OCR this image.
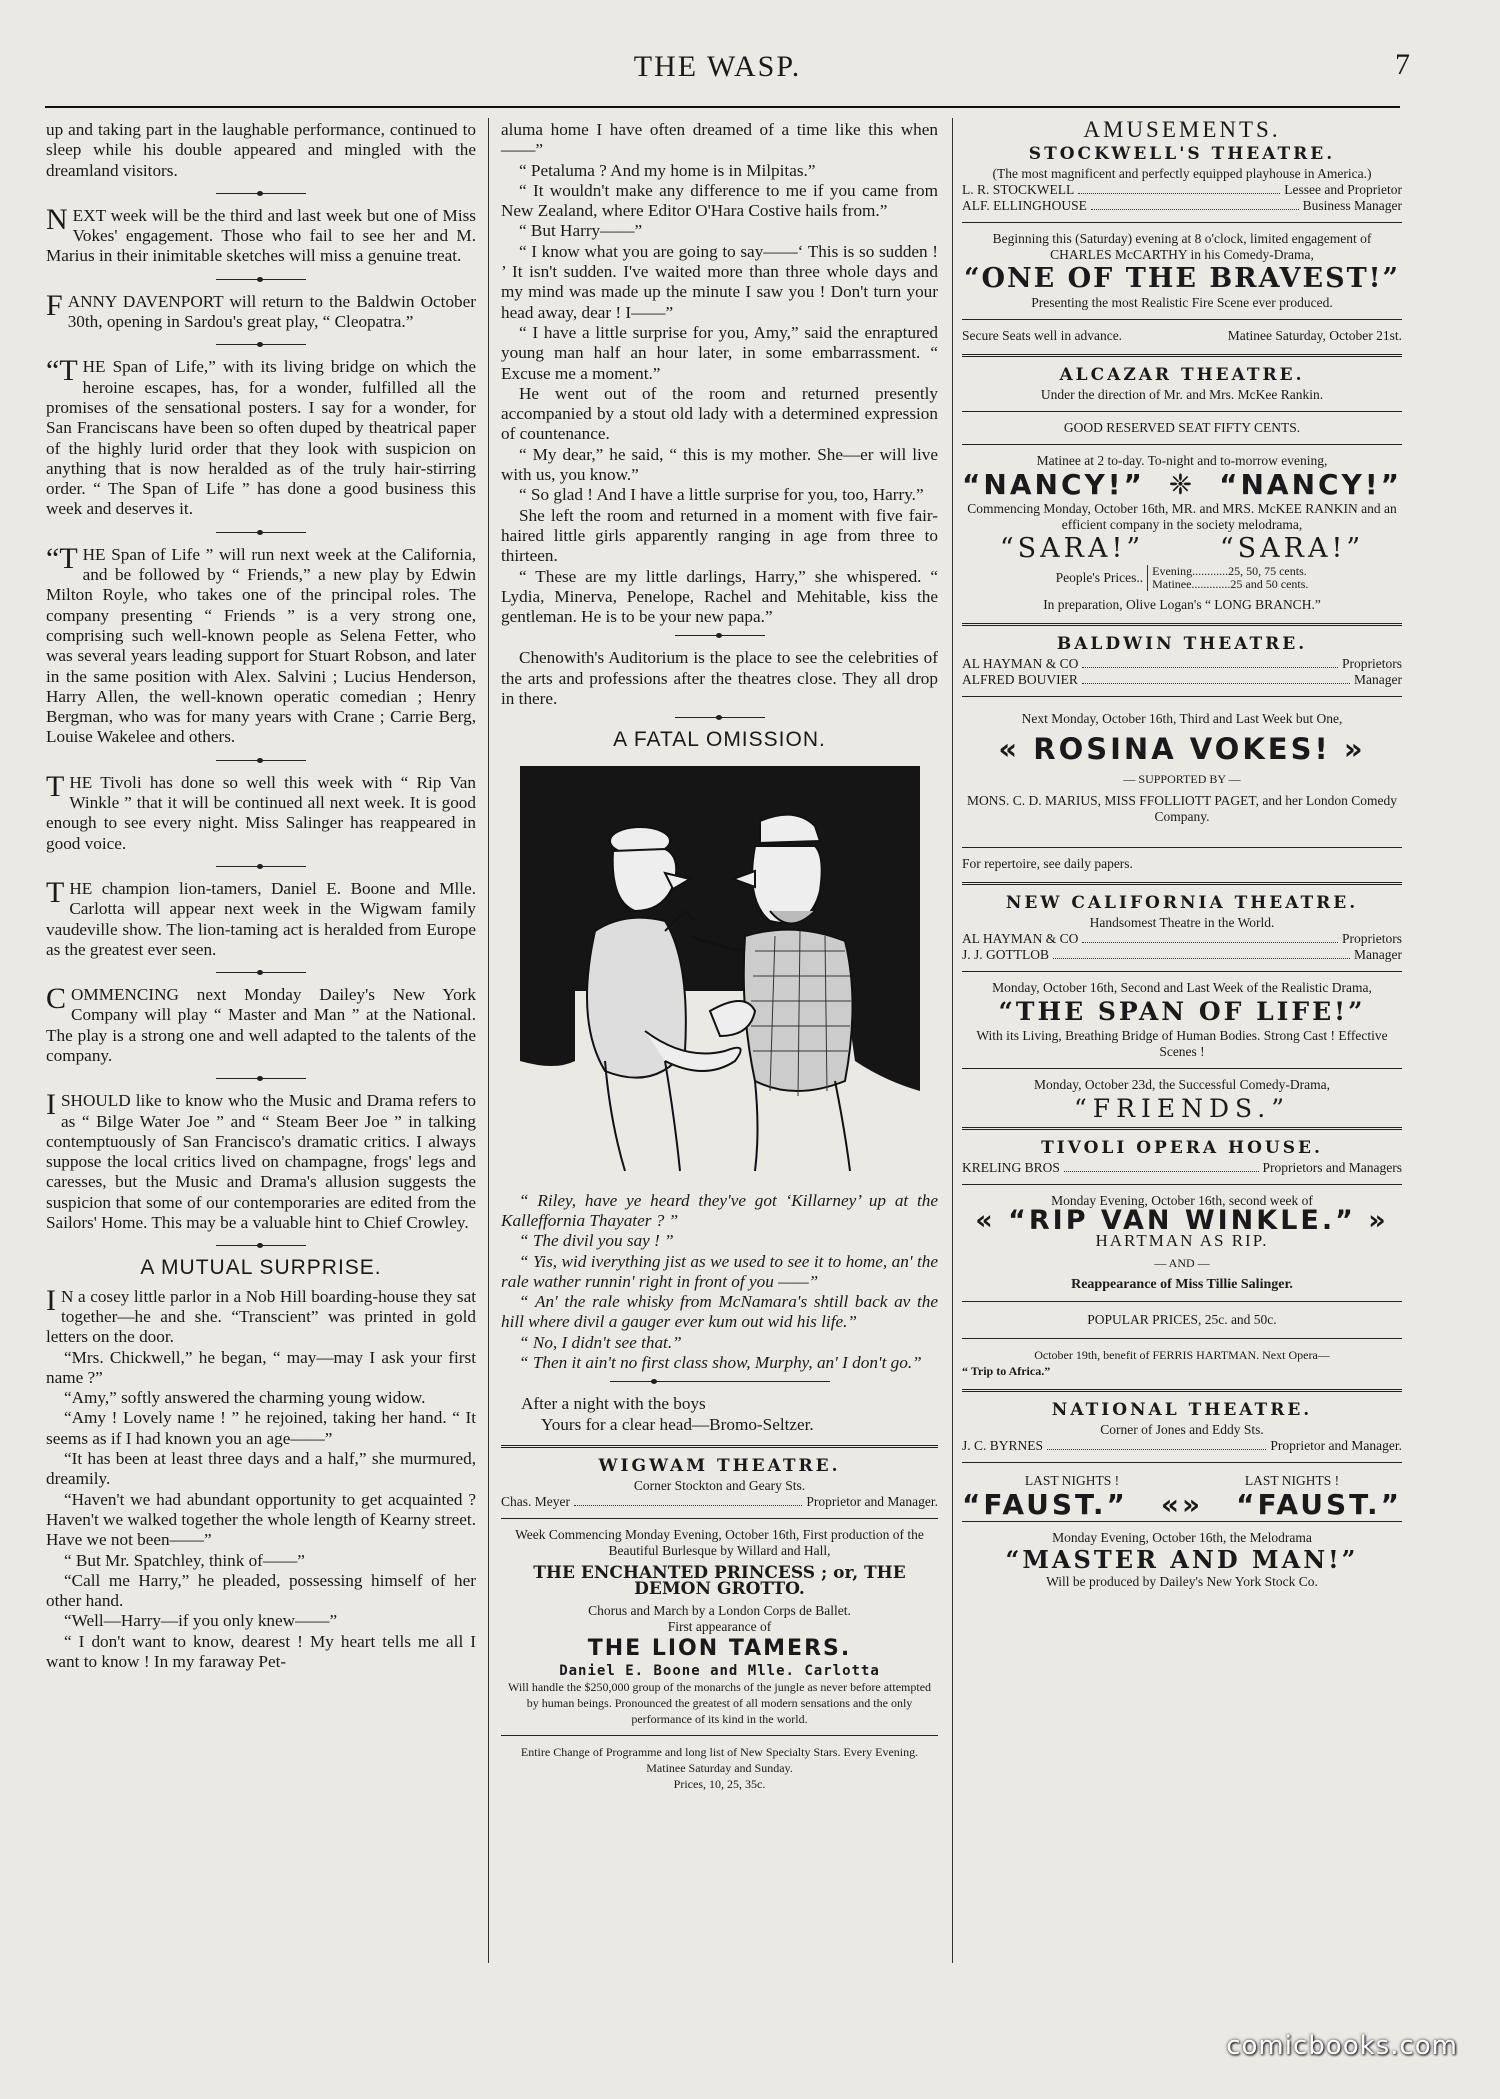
THE WASP.	7

up and taking part in the laughable performance, continued to sleep while his double appeared and mingled with the dreamland visitors.

N EXT week will be the third and last week but one of Miss Vokes' engagement. Those who fail to see her and M. Marius in their inimitable sketches will miss a genuine treat.
F ANNY DAVENPORT will return to the Baldwin October 30th, opening in Sardou's great play, “ Cleopatra.”
“T HE Span of Life,” with its living bridge on which the heroine escapes, has, for a wonder, fulfilled all the promises of the sensational posters. I say for a wonder, for San Franciscans have been so often duped by theatrical paper of the highly lurid order that they look with suspicion on anything that is now heralded as of the truly hair-stirring order. “ The Span of Life ” has done a good business this week and deserves it.
“T HE Span of Life ” will run next week at the California, and be followed by “ Friends,” a new play by Edwin Milton Royle, who takes one of the principal roles. The company presenting “ Friends ” is a very strong one, comprising such well-known people as Selena Fetter, who was several years leading support for Stuart Robson, and later in the same position with Alex. Salvini ; Lucius Henderson, Harry Allen, the well-known operatic comedian ; Henry Bergman, who was for many years with Crane ; Carrie Berg, Louise Wakelee and others.
T HE Tivoli has done so well this week with “ Rip Van Winkle ” that it will be continued all next week. It is good enough to see every night. Miss Salinger has reappeared in good voice.
T HE champion lion-tamers, Daniel E. Boone and Mlle. Carlotta will appear next week in the Wigwam family vaudeville show. The lion-taming act is heralded from Europe as the greatest ever seen.
C OMMENCING next Monday Dailey's New York Company will play “ Master and Man ” at the National. The play is a strong one and well adapted to the talents of the company.
I SHOULD like to know who the Music and Drama refers to as “ Bilge Water Joe ” and “ Steam Beer Joe ” in talking contemptuously of San Francisco's dramatic critics. I always suppose the local critics lived on champagne, frogs' legs and caresses, but the Music and Drama's allusion suggests the suspicion that some of our contemporaries are edited from the Sailors' Home. This may be a valuable hint to Chief Crowley.
A MUTUAL SURPRISE.
I N a cosey little parlor in a Nob Hill boarding-house they sat together—he and she. “Transcient” was printed in gold letters on the door.

“Mrs. Chickwell,” he began, “ may—may I ask your first name ?”

“Amy,” softly answered the charming young widow.

“Amy ! Lovely name ! ” he rejoined, taking her hand. “ It seems as if I had known you an age——”

“It has been at least three days and a half,” she murmured, dreamily.

“Haven't we had abundant opportunity to get acquainted ? Haven't we walked together the whole length of Kearny street. Have we not been——”

“ But Mr. Spatchley, think of——”

“Call me Harry,” he pleaded, possessing himself of her other hand.

“Well—Harry—if you only knew——”

“ I don't want to know, dearest ! My heart tells me all I want to know ! In my faraway Pet-

aluma home I have often dreamed of a time like this when——”

“ Petaluma ? And my home is in Milpitas.”

“ It wouldn't make any difference to me if you came from New Zealand, where Editor O'Hara Costive hails from.”

“ But Harry——”

“ I know what you are going to say——‘ This is so sudden ! ’ It isn't sudden. I've waited more than three whole days and my mind was made up the minute I saw you ! Don't turn your head away, dear ! I——”

“ I have a little surprise for you, Amy,” said the enraptured young man half an hour later, in some embarrassment. “ Excuse me a moment.”

He went out of the room and returned presently accompanied by a stout old lady with a determined expression of countenance.

“ My dear,” he said, “ this is my mother. She—er will live with us, you know.”

“ So glad ! And I have a little surprise for you, too, Harry.”

She left the room and returned in a moment with five fair-haired little girls apparently ranging in age from three to thirteen.

“ These are my little darlings, Harry,” she whispered. “ Lydia, Minerva, Penelope, Rachel and Mehitable, kiss the gentleman. He is to be your new papa.”

Chenowith's Auditorium is the place to see the celebrities of the arts and professions after the theatres close. They all drop in there.

A FATAL OMISSION.

“ Riley, have ye heard they've got ‘Killarney’ up at the Kalleffornia Thayater ? ”

“ The divil you say ! ”

“ Yis, wid iverything jist as we used to see it to home, an' the rale wather runnin' right in front of you ——”

“ An' the rale whisky from McNamara's shtill back av the hill where divil a gauger ever kum out wid his life.”

“ No, I didn't see that.”

“ Then it ain't no first class show, Murphy, an' I don't go.”

After a night with the boys

Yours for a clear head—Bromo-Seltzer.

WIGWAM THEATRE.
Corner Stockton and Geary Sts.
Chas. Meyer	Proprietor and Manager.
Week Commencing Monday Evening, October 16th, First production of the Beautiful Burlesque by Willard and Hall,
THE ENCHANTED PRINCESS ; or, THE DEMON GROTTO.
Chorus and March by a London Corps de Ballet.
First appearance of
THE LION TAMERS.
Daniel E. Boone and Mlle. Carlotta
Will handle the $250,000 group of the monarchs of the jungle as never before attempted by human beings. Pronounced the greatest of all modern sensations and the only performance of its kind in the world.
Entire Change of Programme and long list of New Specialty Stars. Every Evening. Matinee Saturday and Sunday.
Prices, 10, 25, 35c.
AMUSEMENTS.
STOCKWELL'S THEATRE.
(The most magnificent and perfectly equipped playhouse in America.)
L. R. STOCKWELL	Lessee and Proprietor
ALF. ELLINGHOUSE	Business Manager
Beginning this (Saturday) evening at 8 o'clock, limited engagement of CHARLES McCARTHY in his Comedy-Drama,
“ONE OF THE BRAVEST!”
Presenting the most Realistic Fire Scene ever produced.
Secure Seats well in advance.	Matinee Saturday, October 21st.
ALCAZAR THEATRE.
Under the direction of Mr. and Mrs. McKee Rankin.
GOOD RESERVED SEAT FIFTY CENTS.
Matinee at 2 to-day. To-night and to-morrow evening,
“NANCY!” ❈ “NANCY!”
Commencing Monday, October 16th, MR. and MRS. McKEE RANKIN and an efficient company in the society melodrama,
“SARA!”	“SARA!”
People's Prices.. Evening............25, 50, 75 cents.
Matinee.............25 and 50 cents.
In preparation, Olive Logan's “ LONG BRANCH.”
BALDWIN THEATRE.
AL HAYMAN & CO	Proprietors
ALFRED BOUVIER	Manager
Next Monday, October 16th, Third and Last Week but One,
« ROSINA VOKES! »
— SUPPORTED BY —
MONS. C. D. MARIUS, MISS FFOLLIOTT PAGET, and her London Comedy Company.
For repertoire, see daily papers.
NEW CALIFORNIA THEATRE.
Handsomest Theatre in the World.
AL HAYMAN & CO	Proprietors
J. J. GOTTLOB	Manager
Monday, October 16th, Second and Last Week of the Realistic Drama,
“THE SPAN OF LIFE!”
With its Living, Breathing Bridge of Human Bodies. Strong Cast ! Effective Scenes !
Monday, October 23d, the Successful Comedy-Drama,
“FRIENDS.”
TIVOLI OPERA HOUSE.
KRELING BROS	Proprietors and Managers
Monday Evening, October 16th, second week of
« “RIP VAN WINKLE.” »
HARTMAN AS RIP.
— AND —
Reappearance of Miss Tillie Salinger.
POPULAR PRICES, 25c. and 50c.
October 19th, benefit of FERRIS HARTMAN. Next Opera—
“ Trip to Africa.”
NATIONAL THEATRE.
Corner of Jones and Eddy Sts.
J. C. BYRNES	Proprietor and Manager.
LAST NIGHTS !	LAST NIGHTS !
“FAUST.” «» “FAUST.”
Monday Evening, October 16th, the Melodrama
“MASTER AND MAN!”
Will be produced by Dailey's New York Stock Co.
comicbooks.com
